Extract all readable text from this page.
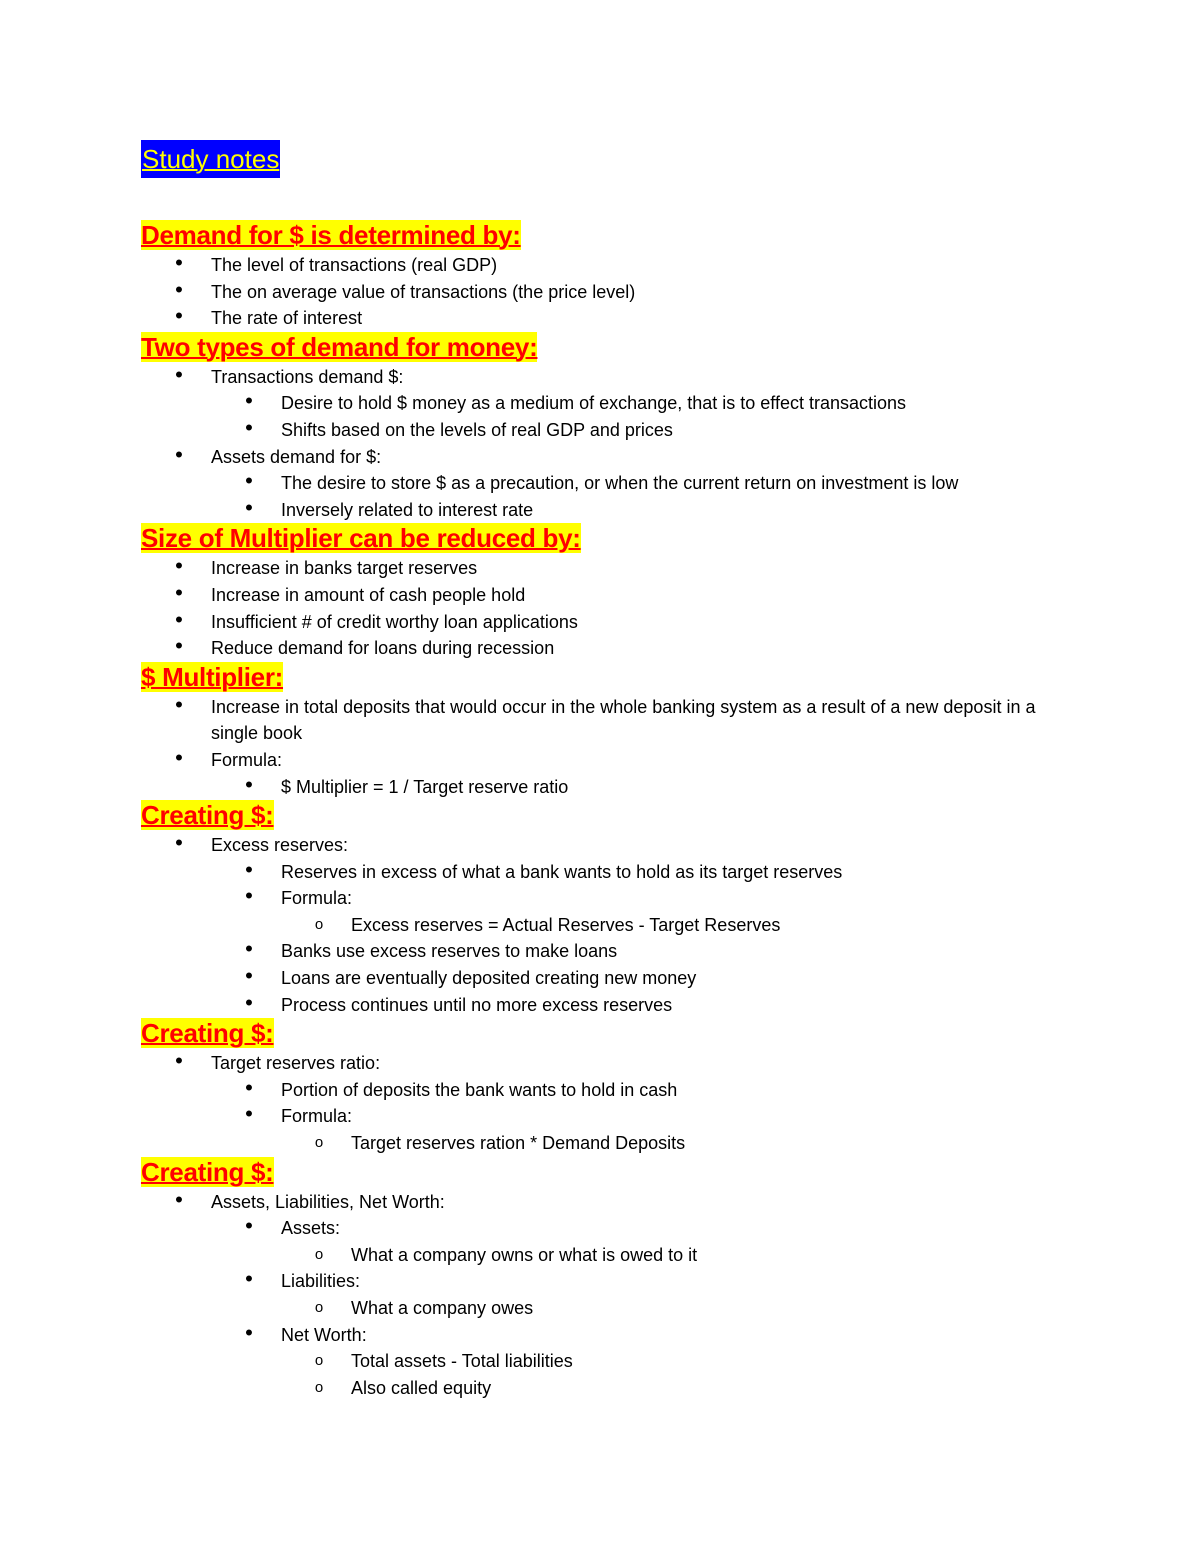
Study notes
Demand for $ is determined by:
•	The level of transactions (real GDP)
•	The on average value of transactions (the price level)
•	The rate of interest
Two types of demand for money:
•	Transactions demand $:
•	Desire to hold $ money as a medium of exchange, that is to effect transactions
•	Shifts based on the levels of real GDP and prices
•	Assets demand for $:
•	The desire to store $ as a precaution, or when the current return on investment is low
•	Inversely related to interest rate
Size of Multiplier can be reduced by:
•	Increase in banks target reserves
•	Increase in amount of cash people hold
•	Insufficient # of credit worthy loan applications
•	Reduce demand for loans during recession
$ Multiplier:
•	Increase in total deposits that would occur in the whole banking system as a result of a new deposit in a single book
•	Formula:
•	$ Multiplier = 1 / Target reserve ratio
Creating $:
•	Excess reserves:
•	Reserves in excess of what a bank wants to hold as its target reserves
•	Formula:
o	Excess reserves = Actual Reserves - Target Reserves
•	Banks use excess reserves to make loans
•	Loans are eventually deposited creating new money
•	Process continues until no more excess reserves
Creating $:
•	Target reserves ratio:
•	Portion of deposits the bank wants to hold in cash
•	Formula:
o	Target reserves ration * Demand Deposits
Creating $:
•	Assets, Liabilities, Net Worth:
•	Assets:
o	What a company owns or what is owed to it
•	Liabilities:
o	What a company owes
•	Net Worth:
o	Total assets - Total liabilities
o	Also called equity
